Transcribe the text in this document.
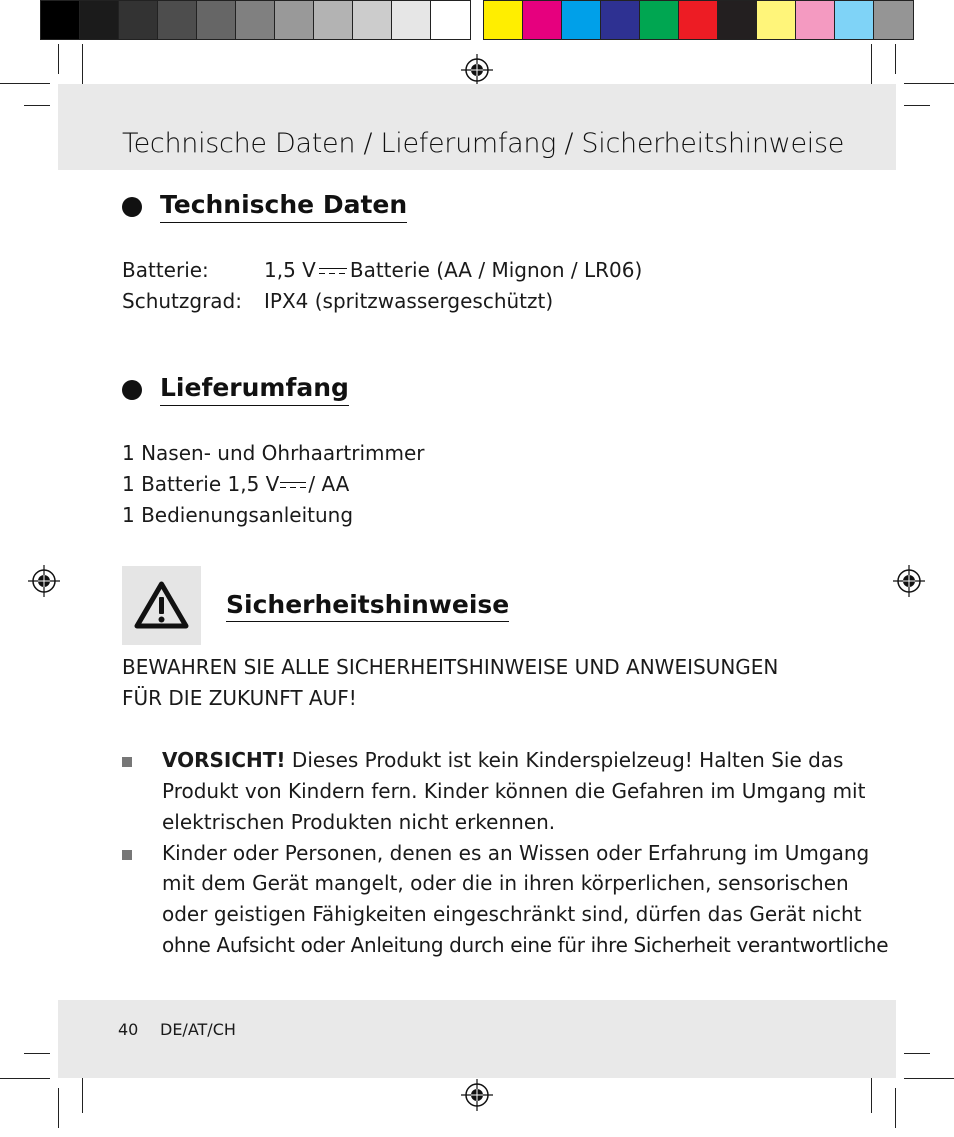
Technische Daten / Lieferumfang / Sicherheitshinweise
Technische Daten
Batterie:	1,5 V Batterie (AA / Mignon / LR06)
Schutzgrad: IPX4 (spritzwassergeschützt)
Lieferumfang
1 Nasen- und Ohrhaartrimmer
1 Batterie 1,5 V / AA
1 Bedienungsanleitung
Sicherheitshinweise
BEWAHREN SIE ALLE SICHERHEITSHINWEISE UND ANWEISUNGEN
FÜR DIE ZUKUNFT AUF!
VORSICHT! Dieses Produkt ist kein Kinderspielzeug! Halten Sie das
Produkt von Kindern fern. Kinder können die Gefahren im Umgang mit
elektrischen Produkten nicht erkennen.
Kinder oder Personen, denen es an Wissen oder Erfahrung im Umgang
mit dem Gerät mangelt, oder die in ihren körperlichen, sensorischen
oder geistigen Fähigkeiten eingeschränkt sind, dürfen das Gerät nicht
ohne Aufsicht oder Anleitung durch eine für ihre Sicherheit verantwortliche
40 DE/AT/CH
